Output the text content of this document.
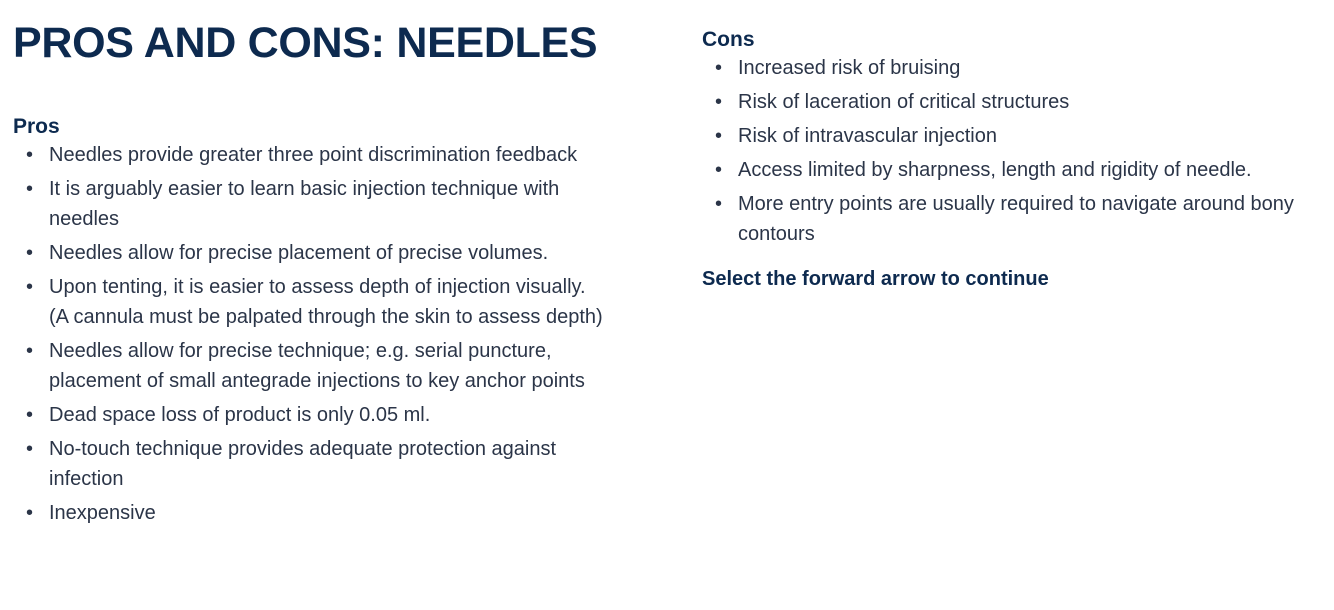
PROS AND CONS: NEEDLES
Pros
• Needles provide greater three point discrimination feedback
• It is arguably easier to learn basic injection technique with needles
• Needles allow for precise placement of precise volumes.
• Upon tenting, it is easier to assess depth of injection visually. (A cannula must be palpated through the skin to assess depth)
• Needles allow for precise technique; e.g. serial puncture, placement of small antegrade injections to key anchor points
• Dead space loss of product is only 0.05 ml.
• No-touch technique provides adequate protection against infection
• Inexpensive
Cons
• Increased risk of bruising
• Risk of laceration of critical structures
• Risk of intravascular injection
• Access limited by sharpness, length and rigidity of needle.
• More entry points are usually required to navigate around bony contours
Select the forward arrow to continue
